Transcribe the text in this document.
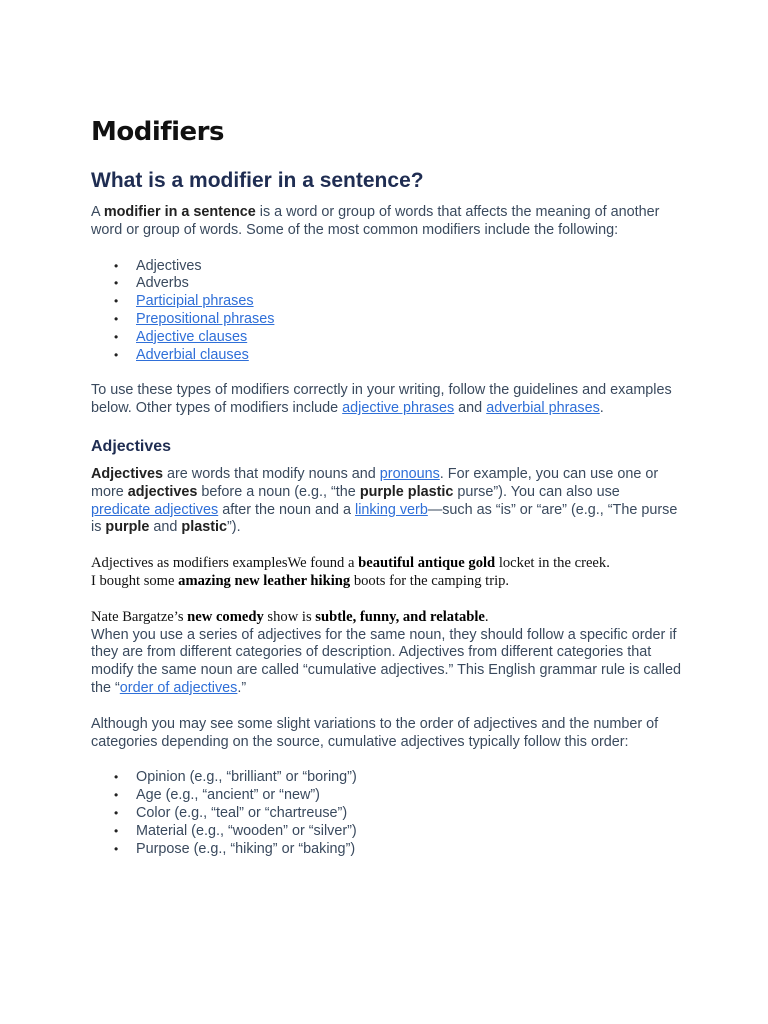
Modifiers
What is a modifier in a sentence?

A modifier in a sentence is a word or group of words that affects the meaning of another word or group of words. Some of the most common modifiers include the following:

• Adjectives
• Adverbs
• Participial phrases
• Prepositional phrases
• Adjective clauses
• Adverbial clauses

To use these types of modifiers correctly in your writing, follow the guidelines and examples below. Other types of modifiers include adjective phrases and adverbial phrases.

Adjectives

Adjectives are words that modify nouns and pronouns. For example, you can use one or more adjectives before a noun (e.g., “the purple plastic purse”). You can also use predicate adjectives after the noun and a linking verb—such as “is” or “are” (e.g., “The purse is purple and plastic”).

Adjectives as modifiers examplesWe found a beautiful antique gold locket in the creek.
I bought some amazing new leather hiking boots for the camping trip.

Nate Bargatze’s new comedy show is subtle, funny, and relatable.

When you use a series of adjectives for the same noun, they should follow a specific order if they are from different categories of description. Adjectives from different categories that modify the same noun are called “cumulative adjectives.” This English grammar rule is called the “order of adjectives.”

Although you may see some slight variations to the order of adjectives and the number of categories depending on the source, cumulative adjectives typically follow this order:

• Opinion (e.g., “brilliant” or “boring”)
• Age (e.g., “ancient” or “new”)
• Color (e.g., “teal” or “chartreuse”)
• Material (e.g., “wooden” or “silver”)
• Purpose (e.g., “hiking” or “baking”)
